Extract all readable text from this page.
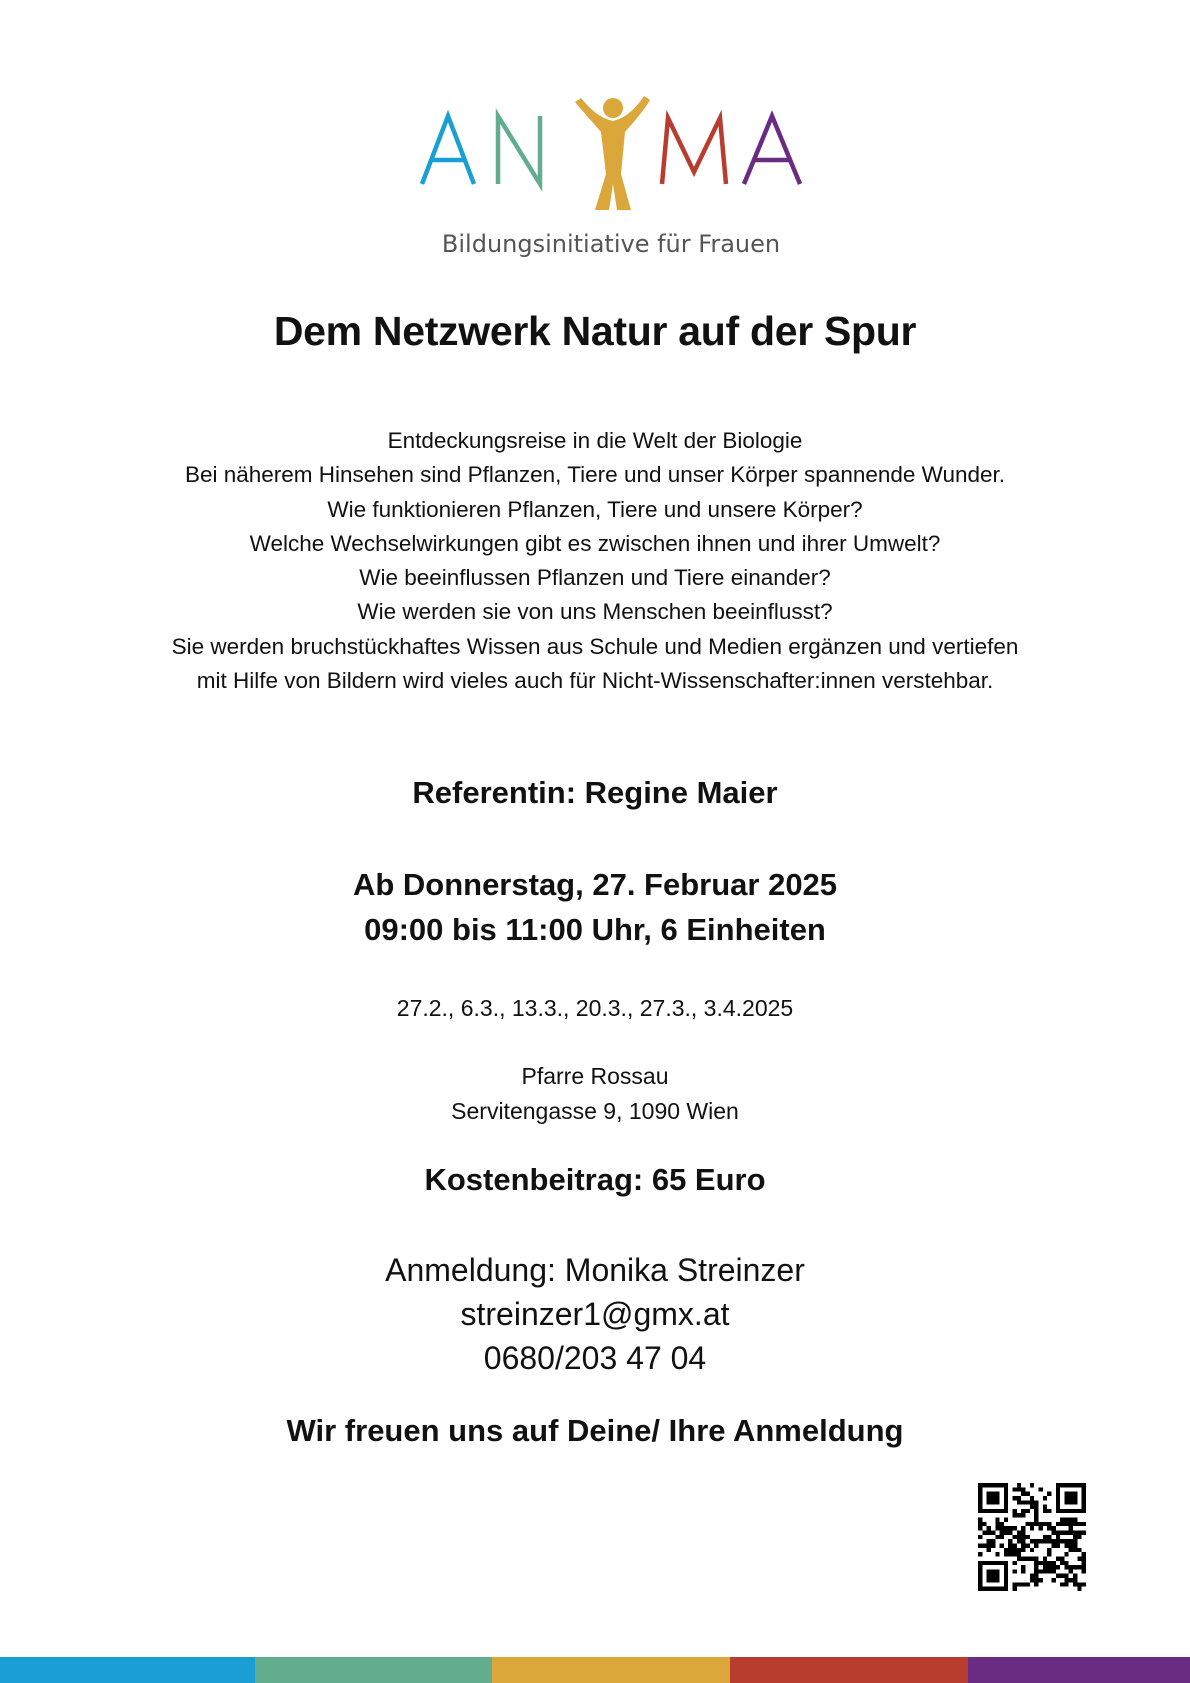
Bildungsinitiative für Frauen
Dem Netzwerk Natur auf der Spur
Entdeckungsreise in die Welt der Biologie
Bei näherem Hinsehen sind Pflanzen, Tiere und unser Körper spannende Wunder.
Wie funktionieren Pflanzen, Tiere und unsere Körper?
Welche Wechselwirkungen gibt es zwischen ihnen und ihrer Umwelt?
Wie beeinflussen Pflanzen und Tiere einander?
Wie werden sie von uns Menschen beeinflusst?
Sie werden bruchstückhaftes Wissen aus Schule und Medien ergänzen und vertiefen
mit Hilfe von Bildern wird vieles auch für Nicht-Wissenschafter:innen verstehbar.
Referentin: Regine Maier
Ab Donnerstag, 27. Februar 2025
09:00 bis 11:00 Uhr, 6 Einheiten
27.2., 6.3., 13.3., 20.3., 27.3., 3.4.2025
Pfarre Rossau
Servitengasse 9, 1090 Wien
Kostenbeitrag: 65 Euro
Anmeldung: Monika Streinzer
streinzer1@gmx.at
0680/203 47 04
Wir freuen uns auf Deine/ Ihre Anmeldung
